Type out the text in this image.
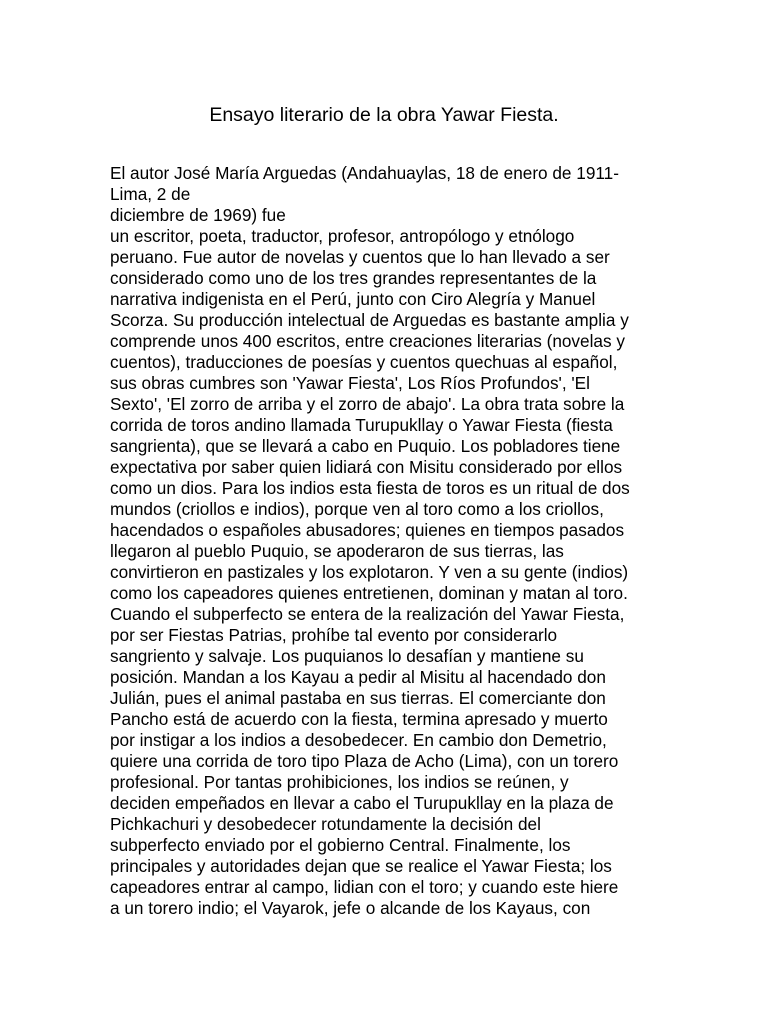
Ensayo literario de la obra Yawar Fiesta.
El autor José María Arguedas (Andahuaylas, 18 de enero de 1911-
Lima, 2 de
diciembre de 1969) fue
un escritor, poeta, traductor, profesor, antropólogo y etnólogo
peruano. Fue autor de novelas y cuentos que lo han llevado a ser
considerado como uno de los tres grandes representantes de la
narrativa indigenista en el Perú, junto con Ciro Alegría y Manuel
Scorza. Su producción intelectual de Arguedas es bastante amplia y
comprende unos 400 escritos, entre creaciones literarias (novelas y
cuentos), traducciones de poesías y cuentos quechuas al español,
sus obras cumbres son 'Yawar Fiesta', Los Ríos Profundos', 'El
Sexto', 'El zorro de arriba y el zorro de abajo'. La obra trata sobre la
corrida de toros andino llamada Turupukllay o Yawar Fiesta (fiesta
sangrienta), que se llevará a cabo en Puquio. Los pobladores tiene
expectativa por saber quien lidiará con Misitu considerado por ellos
como un dios. Para los indios esta fiesta de toros es un ritual de dos
mundos (criollos e indios), porque ven al toro como a los criollos,
hacendados o españoles abusadores; quienes en tiempos pasados
llegaron al pueblo Puquio, se apoderaron de sus tierras, las
convirtieron en pastizales y los explotaron. Y ven a su gente (indios)
como los capeadores quienes entretienen, dominan y matan al toro.
Cuando el subperfecto se entera de la realización del Yawar Fiesta,
por ser Fiestas Patrias, prohíbe tal evento por considerarlo
sangriento y salvaje. Los puquianos lo desafían y mantiene su
posición. Mandan a los Kayau a pedir al Misitu al hacendado don
Julián, pues el animal pastaba en sus tierras. El comerciante don
Pancho está de acuerdo con la fiesta, termina apresado y muerto
por instigar a los indios a desobedecer. En cambio don Demetrio,
quiere una corrida de toro tipo Plaza de Acho (Lima), con un torero
profesional. Por tantas prohibiciones, los indios se reúnen, y
deciden empeñados en llevar a cabo el Turupukllay en la plaza de
Pichkachuri y desobedecer rotundamente la decisión del
subperfecto enviado por el gobierno Central. Finalmente, los
principales y autoridades dejan que se realice el Yawar Fiesta; los
capeadores entrar al campo, lidian con el toro; y cuando este hiere
a un torero indio; el Vayarok, jefe o alcande de los Kayaus, con
